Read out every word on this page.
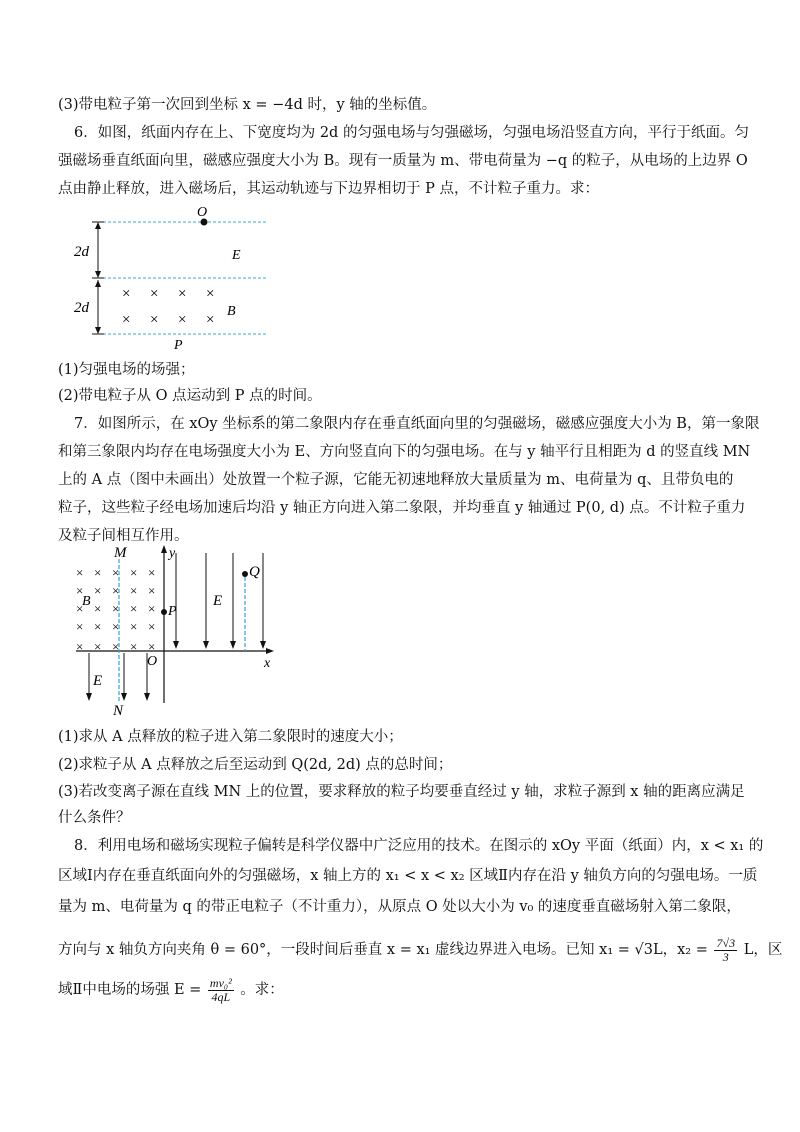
(3)带电粒子第一次回到坐标 x = −4d 时，y 轴的坐标值。
6．如图，纸面内存在上、下宽度均为 2d 的匀强电场与匀强磁场，匀强电场沿竖直方向，平行于纸面。匀
强磁场垂直纸面向里，磁感应强度大小为 B。现有一质量为 m、带电荷量为 −q 的粒子，从电场的上边界 O
点由静止释放，进入磁场后，其运动轨迹与下边界相切于 P 点，不计粒子重力。求：
2d
2d
O
E
B
P
× × × ×
× × × ×
(1)匀强电场的场强；
(2)带电粒子从 O 点运动到 P 点的时间。
7．如图所示，在 xOy 坐标系的第二象限内存在垂直纸面向里的匀强磁场，磁感应强度大小为 B，第一象限
和第三象限内均存在电场强度大小为 E、方向竖直向下的匀强电场。在与 y 轴平行且相距为 d 的竖直线 MN
上的 A 点（图中未画出）处放置一个粒子源，它能无初速地释放大量质量为 m、电荷量为 q、且带负电的
粒子，这些粒子经电场加速后均沿 y 轴正方向进入第二象限，并均垂直 y 轴通过 P(0, d) 点。不计粒子重力
及粒子间相互作用。
y
x
O
M
N
× × × × ×
× × × × ×
× × × × ×
× × × × ×
× × × × ×
B
P
E
Q
E
(1)求从 A 点释放的粒子进入第二象限时的速度大小；
(2)求粒子从 A 点释放之后至运动到 Q(2d, 2d) 点的总时间；
(3)若改变离子源在直线 MN 上的位置，要求释放的粒子均要垂直经过 y 轴，求粒子源到 x 轴的距离应满足
什么条件？
8．利用电场和磁场实现粒子偏转是科学仪器中广泛应用的技术。在图示的 xOy 平面（纸面）内，x < x₁ 的
区域Ⅰ内存在垂直纸面向外的匀强磁场，x 轴上方的 x₁ < x < x₂ 区域Ⅱ内存在沿 y 轴负方向的匀强电场。一质
量为 m、电荷量为 q 的带正电粒子（不计重力），从原点 O 处以大小为 v₀ 的速度垂直磁场射入第二象限，
方向与 x 轴负方向夹角 θ = 60°，一段时间后垂直 x = x₁ 虚线边界进入电场。已知 x₁ = √3L，$x_2 = \frac{7√3}{3}$ L，区
域Ⅱ中电场的场强 $E = \frac{\text{mv₀²}}{4qL}$ 。求：
